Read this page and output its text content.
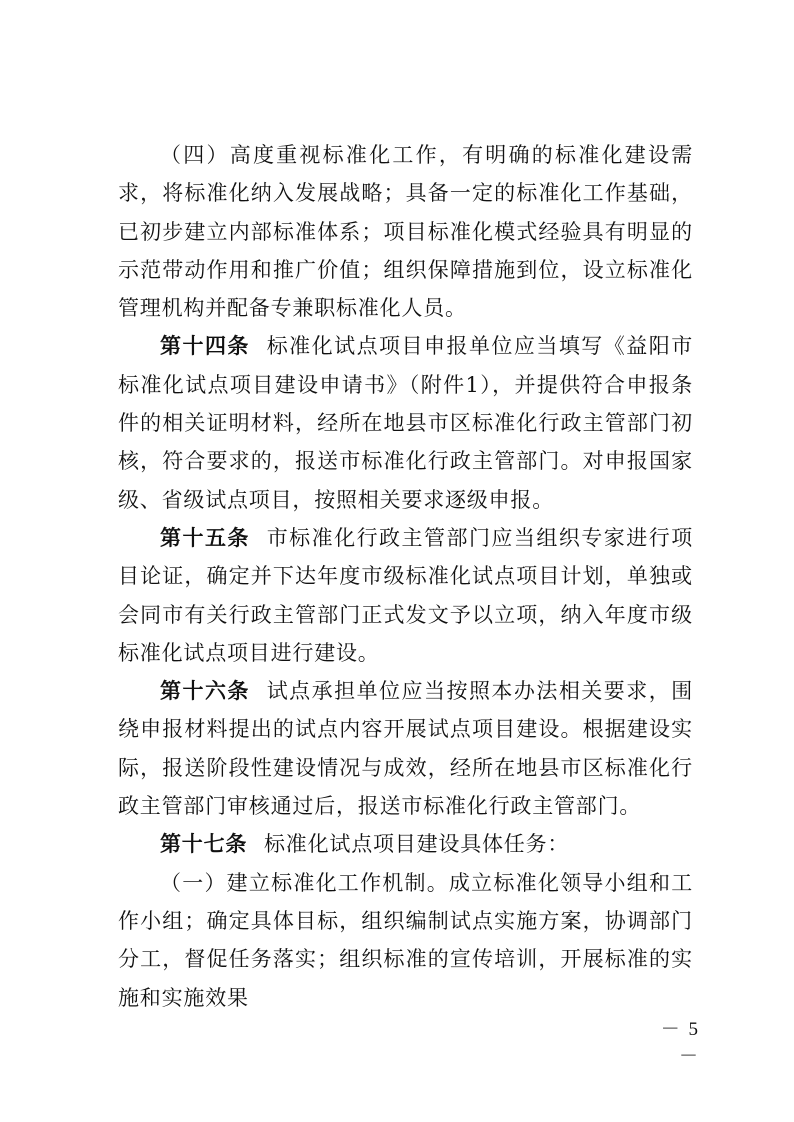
（四）高度重视标准化工作，有明确的标准化建设需求，将标准化纳入发展战略；具备一定的标准化工作基础，已初步建立内部标准体系；项目标准化模式经验具有明显的示范带动作用和推广价值；组织保障措施到位，设立标准化管理机构并配备专兼职标准化人员。

第十四条 标准化试点项目申报单位应当填写《益阳市标准化试点项目建设申请书》（附件1），并提供符合申报条件的相关证明材料，经所在地县市区标准化行政主管部门初核，符合要求的，报送市标准化行政主管部门。对申报国家级、省级试点项目，按照相关要求逐级申报。

第十五条 市标准化行政主管部门应当组织专家进行项目论证，确定并下达年度市级标准化试点项目计划，单独或会同市有关行政主管部门正式发文予以立项，纳入年度市级标准化试点项目进行建设。

第十六条 试点承担单位应当按照本办法相关要求，围绕申报材料提出的试点内容开展试点项目建设。根据建设实际，报送阶段性建设情况与成效，经所在地县市区标准化行政主管部门审核通过后，报送市标准化行政主管部门。

第十七条 标准化试点项目建设具体任务：

（一）建立标准化工作机制。成立标准化领导小组和工作小组；确定具体目标，组织编制试点实施方案，协调部门分工，督促任务落实；组织标准的宣传培训，开展标准的实施和实施效果

－ 5 －
